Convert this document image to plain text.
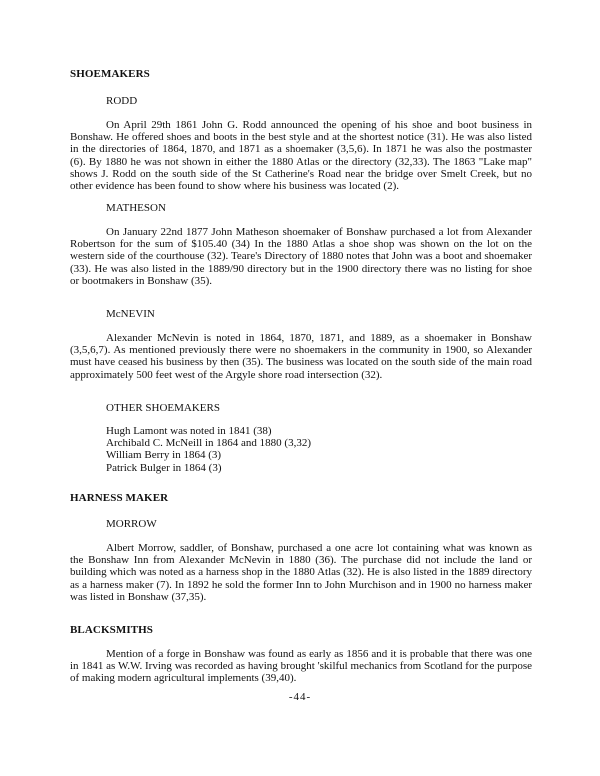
SHOEMAKERS
RODD
On April 29th 1861 John G. Rodd announced the opening of his shoe and boot business in Bonshaw. He offered shoes and boots in the best style and at the shortest notice (31). He was also listed in the directories of 1864, 1870, and 1871 as a shoemaker (3,5,6). In 1871 he was also the postmaster (6). By 1880 he was not shown in either the 1880 Atlas or the directory (32,33). The 1863 "Lake map" shows J. Rodd on the south side of the St Catherine's Road near the bridge over Smelt Creek, but no other evidence has been found to show where his business was located (2).
MATHESON
On January 22nd 1877 John Matheson shoemaker of Bonshaw purchased a lot from Alexander Robertson for the sum of $105.40 (34) In the 1880 Atlas a shoe shop was shown on the lot on the western side of the courthouse (32). Teare's Directory of 1880 notes that John was a boot and shoemaker (33). He was also listed in the 1889/90 directory but in the 1900 directory there was no listing for shoe or bootmakers in Bonshaw (35).
McNEVIN
Alexander McNevin is noted in 1864, 1870, 1871, and 1889, as a shoemaker in Bonshaw (3,5,6,7). As mentioned previously there were no shoemakers in the community in 1900, so Alexander must have ceased his business by then (35). The business was located on the south side of the main road approximately 500 feet west of the Argyle shore road intersection (32).
OTHER SHOEMAKERS
Hugh Lamont was noted in 1841 (38)
Archibald C. McNeill in 1864 and 1880 (3,32)
William Berry in 1864 (3)
Patrick Bulger in 1864 (3)
HARNESS MAKER
MORROW
Albert Morrow, saddler, of Bonshaw, purchased a one acre lot containing what was known as the Bonshaw Inn from Alexander McNevin in 1880 (36). The purchase did not include the land or building which was noted as a harness shop in the 1880 Atlas (32). He is also listed in the 1889 directory as a harness maker (7). In 1892 he sold the former Inn to John Murchison and in 1900 no harness maker was listed in Bonshaw (37,35).
BLACKSMITHS
Mention of a forge in Bonshaw was found as early as 1856 and it is probable that there was one in 1841 as W.W. Irving was recorded as having brought 'skilful mechanics from Scotland for the purpose of making modern agricultural implements (39,40).
-44-
